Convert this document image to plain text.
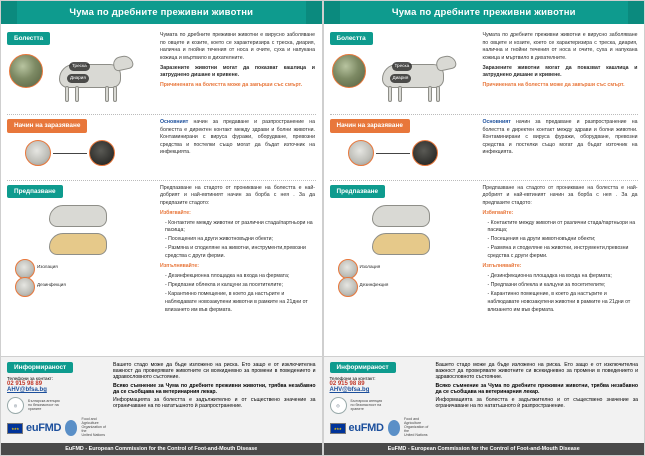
Чума по дребните преживни животни
Болестта
Треска
Диария
Чумата по дребните преживни животни е вирусно заболяване по овцете и козите, което се характеризира с треска, диария, налична и гнойни течения от носа и очите, суха и напукана кожица и мъртвило в дихателните.
Заразените животни могат да показват кашлица и затруднено дишане и кривене.
Причинената на болестта може да завърши със смърт.
Начин на заразяване	Основният начин за предаване и разпространение на болестта е директен контакт между здрави и болни животни. Контаминирани с вируса фуражи, оборудване, превозни средства и постелки също могат да бъдат източник на инфекцията.
Предпазване
Изолация
Дезинфекция
Предпазване на стадото от проникване на болестта е най-добрият и най-евтиният начин за борба с нея . За да предпазите стадото:
Избягвайте:
- Контактите между животни от различни стада/партньори на пасища;
- Посещения на други животновъдни обекти;
- Размяна и споделяне на животни, инструменти,превозни средства с други ферми.
Изпълнявайте:
- Дезинфекционна площадка на входа на фермата;
- Предпазни облекла и калцуни за посетителите;
- Карантинно помещение, в което да настърите и наблюдавате новозакупени животни в рамките на 21дни от влизането им във фермата.
Информираност
Телефони за контакт:
02 915 98 89
AHV@bfsa.bg
◎
Българска агенция
по безопасност на храните
★★★
euFMD
Food and Agriculture
Organization of the
United Nations
Вашето стадо може да бъде изложено на риска. Ето защо е от изключителна важност да проверявате животните си всекидневно за промени в поведението и здравословното състояние.
Всяко съмнение за Чума по дребните преживни животни, трябва незабавно да се съобщава на ветеринарния лекар.
Информацията за болестта е задължително и от съществено значение за ограничаване на по нататъшното ѝ разпространение.
EuFMD - European Commission for the Control of Foot-and-Mouth Disease
Чума по дребните преживни животни
Болестта
Треска
Диария
Чумата по дребните преживни животни е вирусно заболяване по овцете и козите, което се характеризира с треска, диария, налична и гнойни течения от носа и очите, суха и напукана кожица и мъртвило в дихателните.
Заразените животни могат да показват кашлица и затруднено дишане и кривене.
Причинената на болестта може да завърши със смърт.
Начин на заразяване	Основният начин за предаване и разпространение на болестта е директен контакт между здрави и болни животни. Контаминирани с вируса фуражи, оборудване, превозни средства и постелки също могат да бъдат източник на инфекцията.
Предпазване
Изолация
Дезинфекция
Предпазване на стадото от проникване на болестта е най-добрият и най-евтиният начин за борба с нея . За да предпазите стадото:
Избягвайте:
- Контактите между животни от различни стада/партньори на пасища;
- Посещения на други животновъдни обекти;
- Размяна и споделяне на животни, инструменти,превозни средства с други ферми.
Изпълнявайте:
- Дезинфекционна площадка на входа на фермата;
- Предпазни облекла и калцуни за посетителите;
- Карантинно помещение, в което да настърите и наблюдавате новозакупени животни в рамките на 21дни от влизането им във фермата.
Информираност
Телефони за контакт:
02 915 98 89
AHV@bfsa.bg
◎
Българска агенция
по безопасност на храните
★★★
euFMD
Food and Agriculture
Organization of the
United Nations
Вашето стадо може да бъде изложено на риска. Ето защо е от изключителна важност да проверявате животните си всекидневно за промени в поведението и здравословното състояние.
Всяко съмнение за Чума по дребните преживни животни, трябва незабавно да се съобщава на ветеринарния лекар.
Информацията за болестта е задължително и от съществено значение за ограничаване на по нататъшното ѝ разпространение.
EuFMD - European Commission for the Control of Foot-and-Mouth Disease
